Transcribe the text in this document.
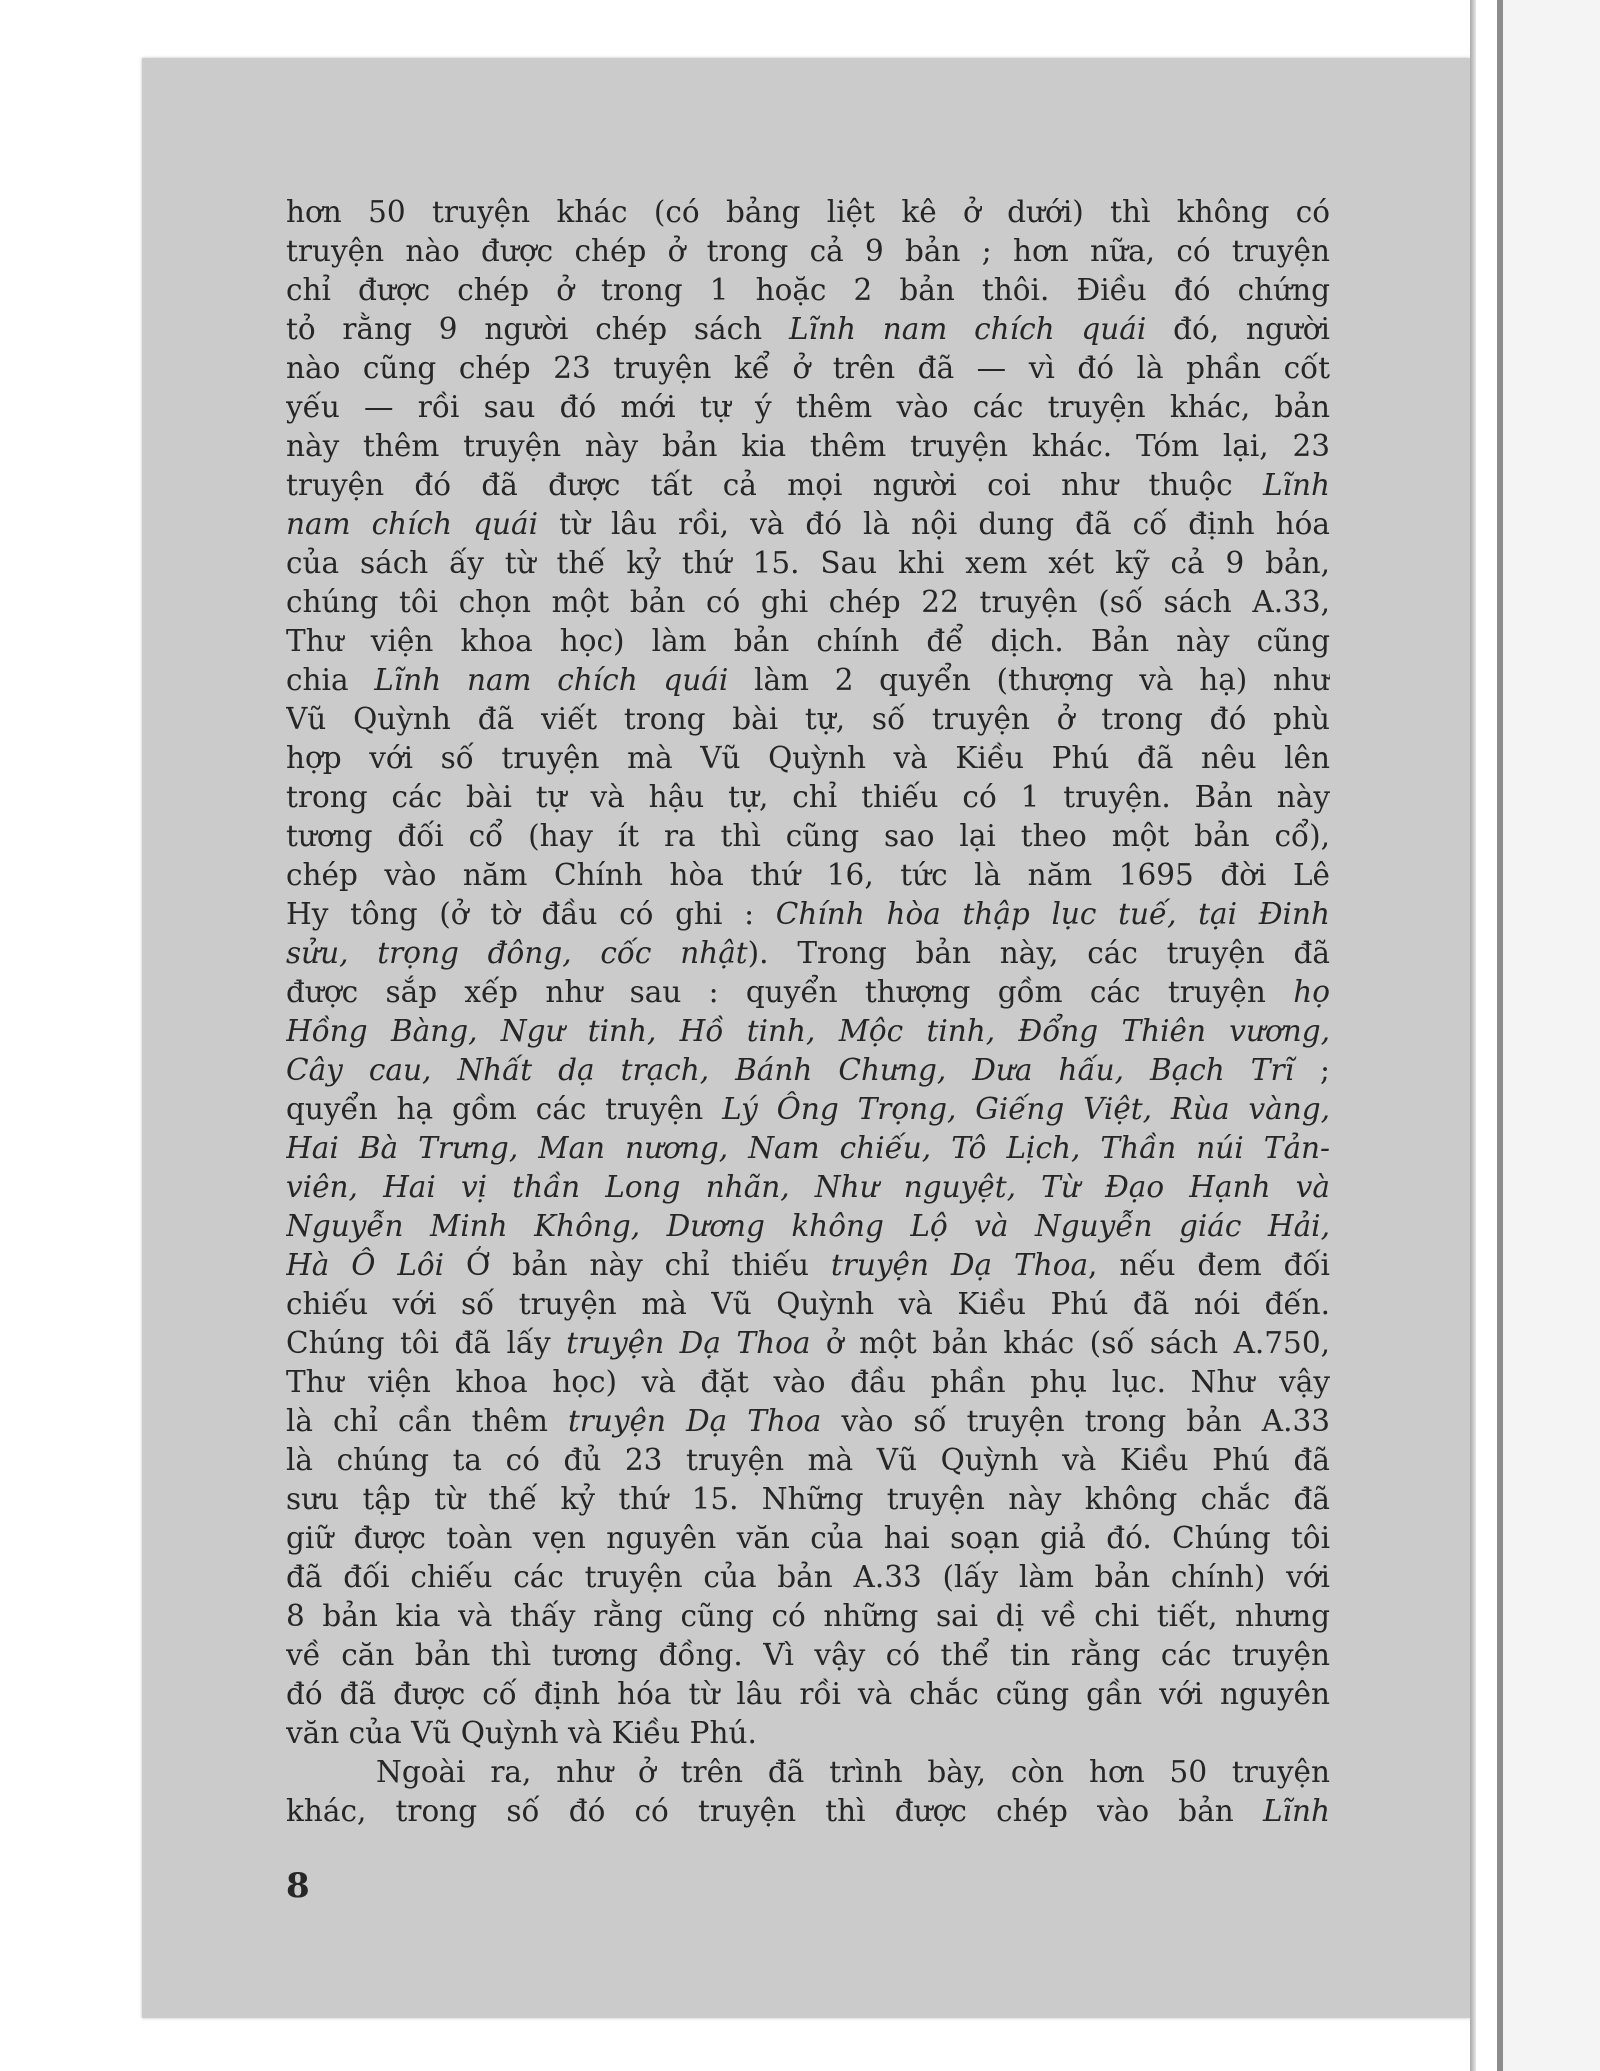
hơn 50 truyện khác (có bảng liệt kê ở dưới) thì không có
truyện nào được chép ở trong cả 9 bản ; hơn nữa, có truyện
chỉ được chép ở trong 1 hoặc 2 bản thôi. Điều đó chứng
tỏ rằng 9 người chép sách Lĩnh nam chích quái đó, người
nào cũng chép 23 truyện kể ở trên đã — vì đó là phần cốt
yếu — rồi sau đó mới tự ý thêm vào các truyện khác, bản
này thêm truyện này bản kia thêm truyện khác. Tóm lại, 23
truyện đó đã được tất cả mọi người coi như thuộc Lĩnh
nam chích quái từ lâu rồi, và đó là nội dung đã cố định hóa
của sách ấy từ thế kỷ thứ 15. Sau khi xem xét kỹ cả 9 bản,
chúng tôi chọn một bản có ghi chép 22 truyện (số sách A.33,
Thư viện khoa học) làm bản chính để dịch. Bản này cũng
chia Lĩnh nam chích quái làm 2 quyển (thượng và hạ) như
Vũ Quỳnh đã viết trong bài tự, số truyện ở trong đó phù
hợp với số truyện mà Vũ Quỳnh và Kiều Phú đã nêu lên
trong các bài tự và hậu tự, chỉ thiếu có 1 truyện. Bản này
tương đối cổ (hay ít ra thì cũng sao lại theo một bản cổ),
chép vào năm Chính hòa thứ 16, tức là năm 1695 đời Lê
Hy tông (ở tờ đầu có ghi : Chính hòa thập lục tuế, tại Đinh
sửu, trọng đông, cốc nhật). Trong bản này, các truyện đã
được sắp xếp như sau : quyển thượng gồm các truyện họ
Hồng Bàng, Ngư tinh, Hồ tinh, Mộc tinh, Đổng Thiên vương,
Cây cau, Nhất dạ trạch, Bánh Chưng, Dưa hấu, Bạch Trĩ ;
quyển hạ gồm các truyện Lý Ông Trọng, Giếng Việt, Rùa vàng,
Hai Bà Trưng, Man nương, Nam chiếu, Tô Lịch, Thần núi Tản-
viên, Hai vị thần Long nhãn, Như nguyệt, Từ Đạo Hạnh và
Nguyễn Minh Không, Dương không Lộ và Nguyễn giác Hải,
Hà Ô Lôi Ở bản này chỉ thiếu truyện Dạ Thoa, nếu đem đối
chiếu với số truyện mà Vũ Quỳnh và Kiều Phú đã nói đến.
Chúng tôi đã lấy truyện Dạ Thoa ở một bản khác (số sách A.750,
Thư viện khoa học) và đặt vào đầu phần phụ lục. Như vậy
là chỉ cần thêm truyện Dạ Thoa vào số truyện trong bản A.33
là chúng ta có đủ 23 truyện mà Vũ Quỳnh và Kiều Phú đã
sưu tập từ thế kỷ thứ 15. Những truyện này không chắc đã
giữ được toàn vẹn nguyên văn của hai soạn giả đó. Chúng tôi
đã đối chiếu các truyện của bản A.33 (lấy làm bản chính) với
8 bản kia và thấy rằng cũng có những sai dị về chi tiết, nhưng
về căn bản thì tương đồng. Vì vậy có thể tin rằng các truyện
đó đã được cố định hóa từ lâu rồi và chắc cũng gần với nguyên
văn của Vũ Quỳnh và Kiều Phú.
Ngoài ra, như ở trên đã trình bày, còn hơn 50 truyện
khác, trong số đó có truyện thì được chép vào bản Lĩnh
8
